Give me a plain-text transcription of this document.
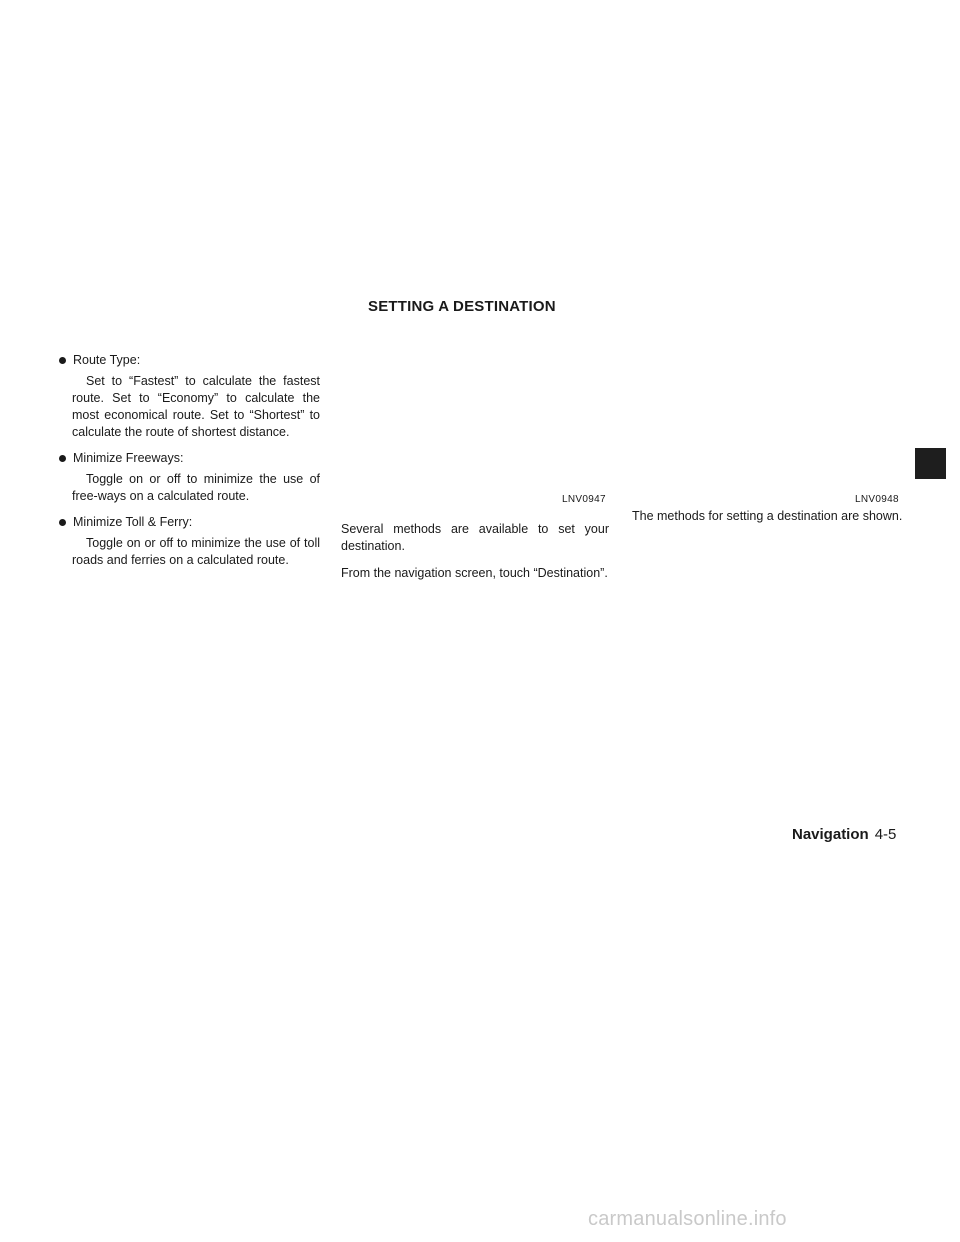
SETTING A DESTINATION
Route Type:
Set to “Fastest” to calculate the fastest route. Set to “Economy” to calculate the most economical route. Set to “Shortest” to calculate the route of shortest distance.
Minimize Freeways:
Toggle on or off to minimize the use of free-ways on a calculated route.
Minimize Toll & Ferry:
Toggle on or off to minimize the use of toll roads and ferries on a calculated route.
LNV0947

Several methods are available to set your destination.

From the navigation screen, touch “Destination”.

LNV0948

The methods for setting a destination are shown.

Navigation 4-5
carmanualsonline.info
